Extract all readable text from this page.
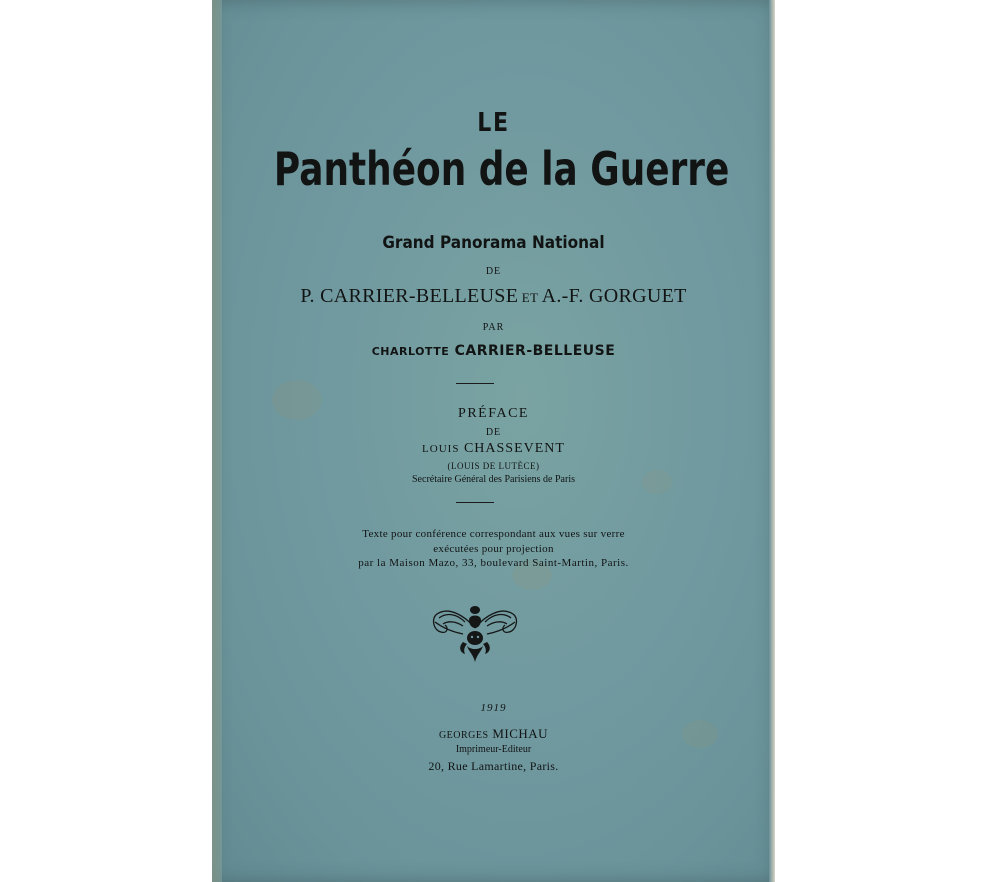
LE
Panthéon de la Guerre
Grand Panorama National
DE
P. CARRIER-BELLEUSE ET A.-F. GORGUET
PAR
CHARLOTTE CARRIER-BELLEUSE
PRÉFACE
DE
LOUIS CHASSEVENT
(LOUIS DE LUTÈCE)
Secrétaire Général des Parisiens de Paris
Texte pour conférence correspondant aux vues sur verre
exécutées pour projection
par la Maison Mazo, 33, boulevard Saint-Martin, Paris.
1919
GEORGES MICHAU
Imprimeur-Editeur
20, Rue Lamartine, Paris.
